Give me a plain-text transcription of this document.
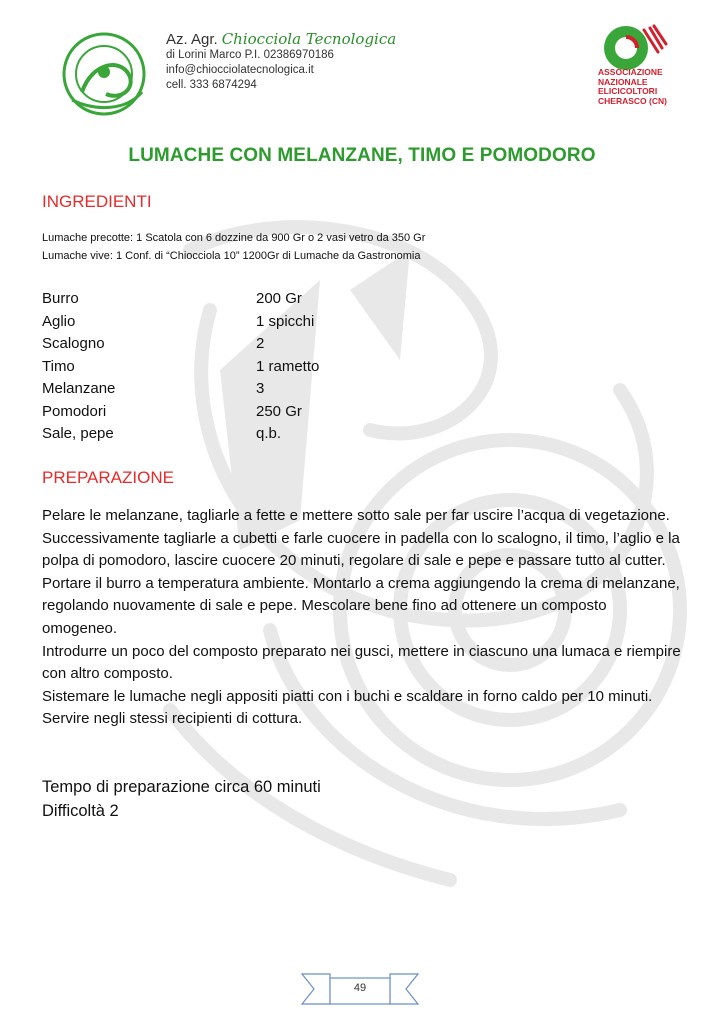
Az. Agr. Chiocciola Tecnologica
di Lorini Marco P.I. 02386970186
info@chiocciolatecnologica.it
cell. 333 6874294
ASSOCIAZIONE
NAZIONALE
ELICICOLTORI
CHERASCO (CN)
LUMACHE CON MELANZANE, TIMO E POMODORO
INGREDIENTI
Lumache precotte: 1 Scatola con 6 dozzine da 900 Gr o 2 vasi vetro da 350 Gr
Lumache vive: 1 Conf. di “Chiocciola 10” 1200Gr di Lumache da Gastronomia
Burro	200 Gr
Aglio	1 spicchi
Scalogno	2
Timo	1 rametto
Melanzane	3
Pomodori	250 Gr
Sale, pepe	q.b.
PREPARAZIONE

Pelare le melanzane, tagliarle a fette e mettere sotto sale per far uscire l’acqua di vegetazione. Successivamente tagliarle a cubetti e farle cuocere in padella con lo scalogno, il timo, l’aglio e la polpa di pomodoro, lascire cuocere 20 minuti, regolare di sale e pepe e passare tutto al cutter.

Portare il burro a temperatura ambiente. Montarlo a crema aggiungendo la crema di melanzane, regolando nuovamente di sale e pepe. Mescolare bene fino ad ottenere un composto omogeneo.

Introdurre un poco del composto preparato nei gusci, mettere in ciascuno una lumaca e riempire con altro composto.

Sistemare le lumache negli appositi piatti con i buchi e scaldare in forno caldo per 10 minuti. Servire negli stessi recipienti di cottura.

Tempo di preparazione circa 60 minuti
Difficoltà 2
49
